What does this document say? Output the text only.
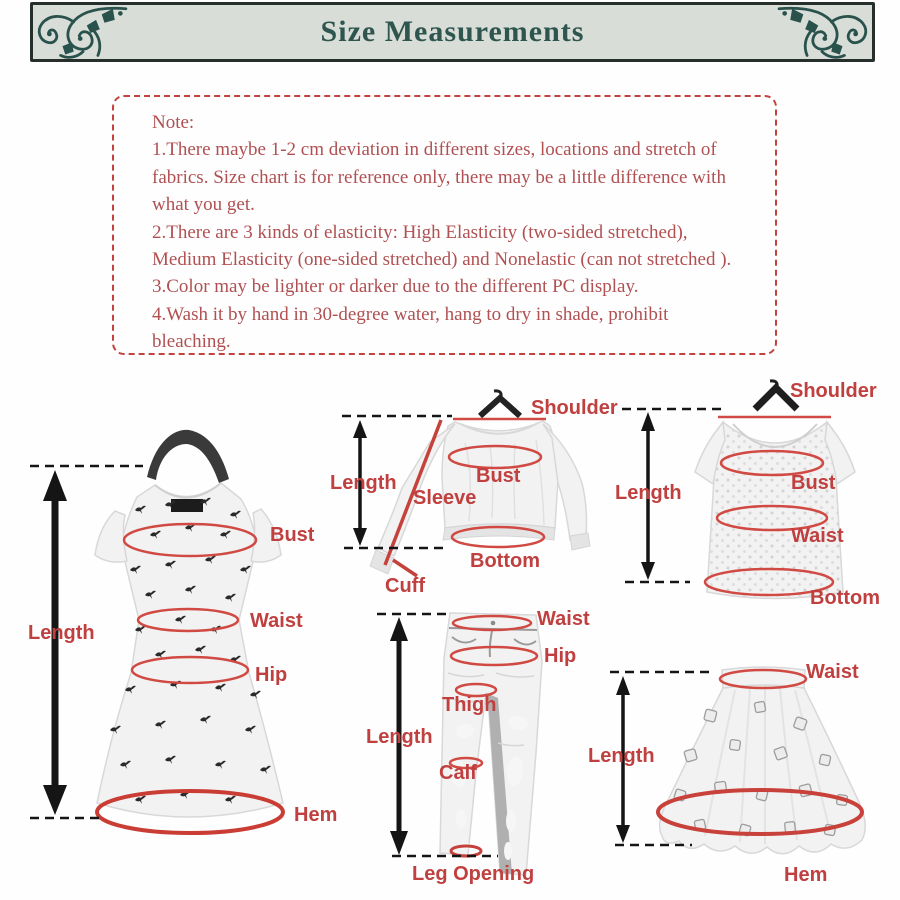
Size Measurements
Note:
1.There maybe 1-2 cm deviation in different sizes, locations and stretch of
fabrics. Size chart is for reference only, there may be a little difference with
what you get.
2.There are 3 kinds of elasticity: High Elasticity (two-sided stretched),
Medium Elasticity (one-sided stretched) and Nonelastic (can not stretched ).
3.Color may be lighter or darker due to the different PC display.
4.Wash it by hand in 30-degree water, hang to dry in shade, prohibit
bleaching.
Length
Bust
Waist
Hip
Hem
Shoulder
Length
Sleeve
Bust
Bottom
Cuff
Shoulder
Length	Bust
Waist
Bottom
Waist
Hip
Thigh
Length
Calf
Leg Opening
Waist
Length
Hem
